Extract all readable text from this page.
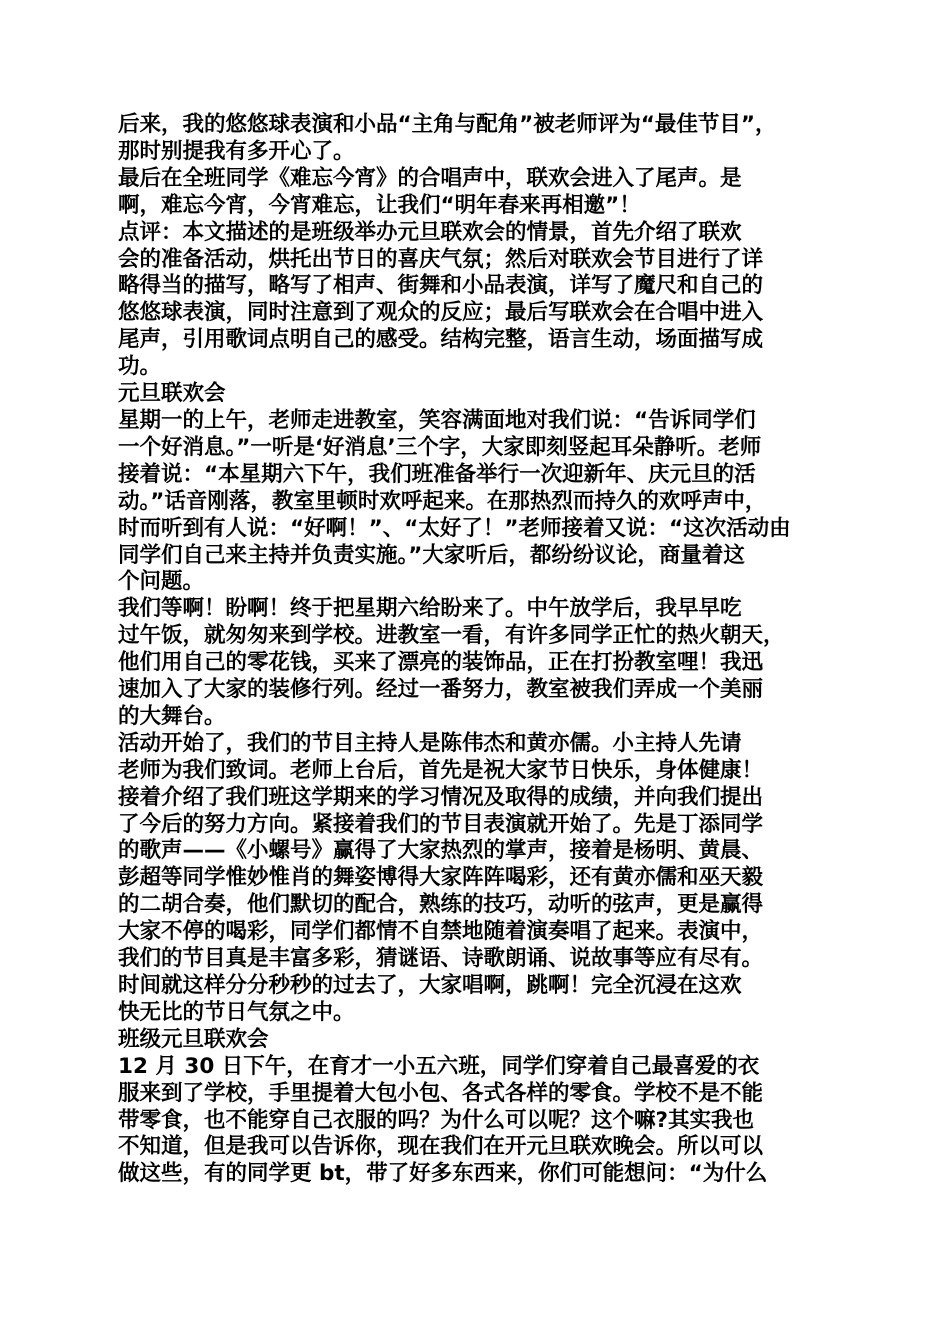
后来，我的悠悠球表演和小品“主角与配角”被老师评为“最佳节目”，
那时别提我有多开心了。

最后在全班同学《难忘今宵》的合唱声中，联欢会进入了尾声。是
啊，难忘今宵，今宵难忘，让我们“明年春来再相邀”！

点评：本文描述的是班级举办元旦联欢会的情景，首先介绍了联欢
会的准备活动，烘托出节日的喜庆气氛；然后对联欢会节目进行了详
略得当的描写，略写了相声、街舞和小品表演，详写了魔尺和自己的
悠悠球表演，同时注意到了观众的反应；最后写联欢会在合唱中进入
尾声，引用歌词点明自己的感受。结构完整，语言生动，场面描写成
功。

元旦联欢会

星期一的上午，老师走进教室，笑容满面地对我们说：“告诉同学们
一个好消息。”一听是‘好消息’三个字，大家即刻竖起耳朵静听。老师
接着说：“本星期六下午，我们班准备举行一次迎新年、庆元旦的活
动。”话音刚落，教室里顿时欢呼起来。在那热烈而持久的欢呼声中，
时而听到有人说：“好啊！”、“太好了！”老师接着又说：“这次活动由
同学们自己来主持并负责实施。”大家听后，都纷纷议论，商量着这
个问题。

我们等啊！盼啊！终于把星期六给盼来了。中午放学后，我早早吃
过午饭，就匆匆来到学校。进教室一看，有许多同学正忙的热火朝天，
他们用自己的零花钱，买来了漂亮的装饰品，正在打扮教室哩！我迅
速加入了大家的装修行列。经过一番努力，教室被我们弄成一个美丽
的大舞台。

活动开始了，我们的节目主持人是陈伟杰和黄亦儒。小主持人先请
老师为我们致词。老师上台后，首先是祝大家节日快乐，身体健康！
接着介绍了我们班这学期来的学习情况及取得的成绩，并向我们提出
了今后的努力方向。紧接着我们的节目表演就开始了。先是丁添同学
的歌声——《小螺号》赢得了大家热烈的掌声，接着是杨明、黄晨、
彭超等同学惟妙惟肖的舞姿博得大家阵阵喝彩，还有黄亦儒和巫天毅
的二胡合奏，他们默切的配合，熟练的技巧，动听的弦声，更是赢得
大家不停的喝彩，同学们都情不自禁地随着演奏唱了起来。表演中，
我们的节目真是丰富多彩，猜谜语、诗歌朗诵、说故事等应有尽有。

时间就这样分分秒秒的过去了，大家唱啊，跳啊！完全沉浸在这欢
快无比的节日气氛之中。

班级元旦联欢会

12 月 30 日下午，在育才一小五六班，同学们穿着自己最喜爱的衣
服来到了学校，手里提着大包小包、各式各样的零食。学校不是不能
带零食，也不能穿自己衣服的吗？为什么可以呢？这个嘛?其实我也
不知道，但是我可以告诉你，现在我们在开元旦联欢晚会。所以可以
做这些，有的同学更 bt，带了好多东西来，你们可能想问：“为什么
